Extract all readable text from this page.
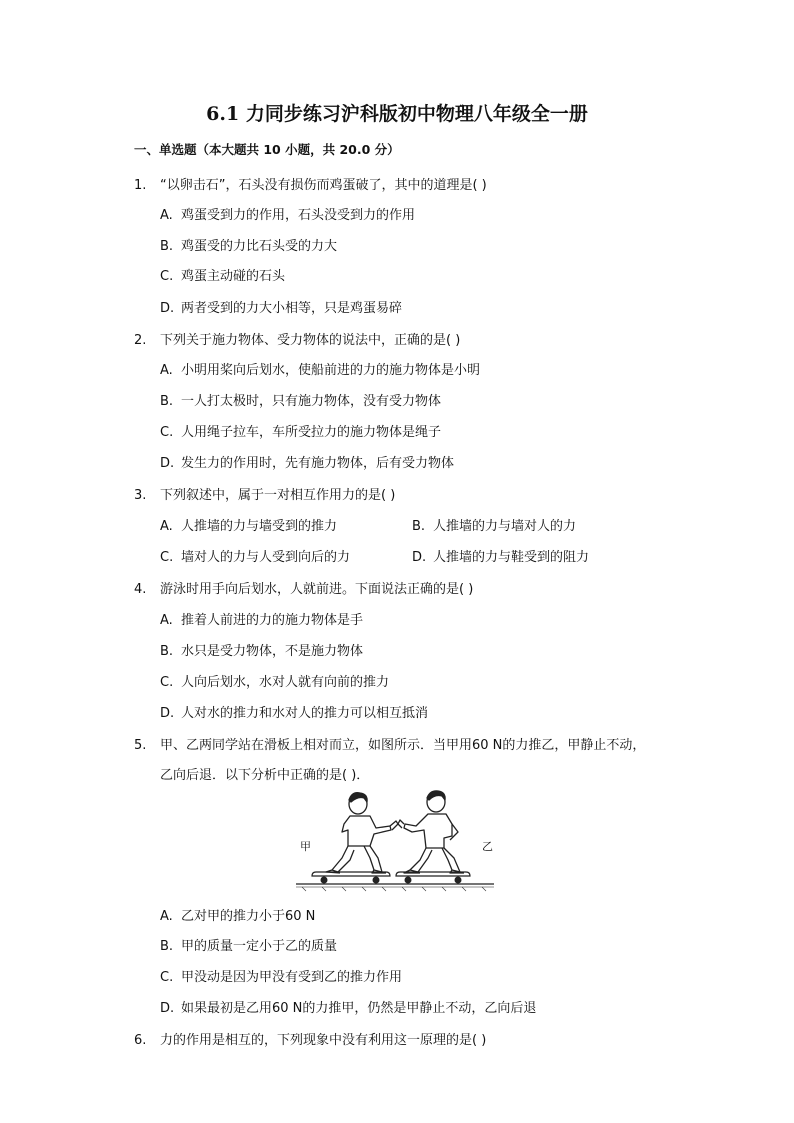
6.1 力同步练习沪科版初中物理八年级全一册
一、单选题（本大题共 10 小题，共 20.0 分）
1. “以卵击石”，石头没有损伤而鸡蛋破了，其中的道理是( )
A. 鸡蛋受到力的作用，石头没受到力的作用
B. 鸡蛋受的力比石头受的力大
C. 鸡蛋主动碰的石头
D. 两者受到的力大小相等，只是鸡蛋易碎
2. 下列关于施力物体、受力物体的说法中，正确的是( )
A. 小明用桨向后划水，使船前进的力的施力物体是小明
B. 一人打太极时，只有施力物体，没有受力物体
C. 人用绳子拉车，车所受拉力的施力物体是绳子
D. 发生力的作用时，先有施力物体，后有受力物体
3. 下列叙述中，属于一对相互作用力的是( )
A. 人推墙的力与墙受到的推力	B. 人推墙的力与墙对人的力
C. 墙对人的力与人受到向后的力	D. 人推墙的力与鞋受到的阻力
4. 游泳时用手向后划水，人就前进。下面说法正确的是( )
A. 推着人前进的力的施力物体是手
B. 水只是受力物体，不是施力物体
C. 人向后划水，水对人就有向前的推力
D. 人对水的推力和水对人的推力可以相互抵消
5. 甲、乙两同学站在滑板上相对而立，如图所示．当甲用60 N的力推乙，甲静止不动，
乙向后退．以下分析中正确的是( )．
甲	乙
A. 乙对甲的推力小于60 N
B. 甲的质量一定小于乙的质量
C. 甲没动是因为甲没有受到乙的推力作用
D. 如果最初是乙用60 N的力推甲，仍然是甲静止不动，乙向后退
6. 力的作用是相互的，下列现象中没有利用这一原理的是( )
